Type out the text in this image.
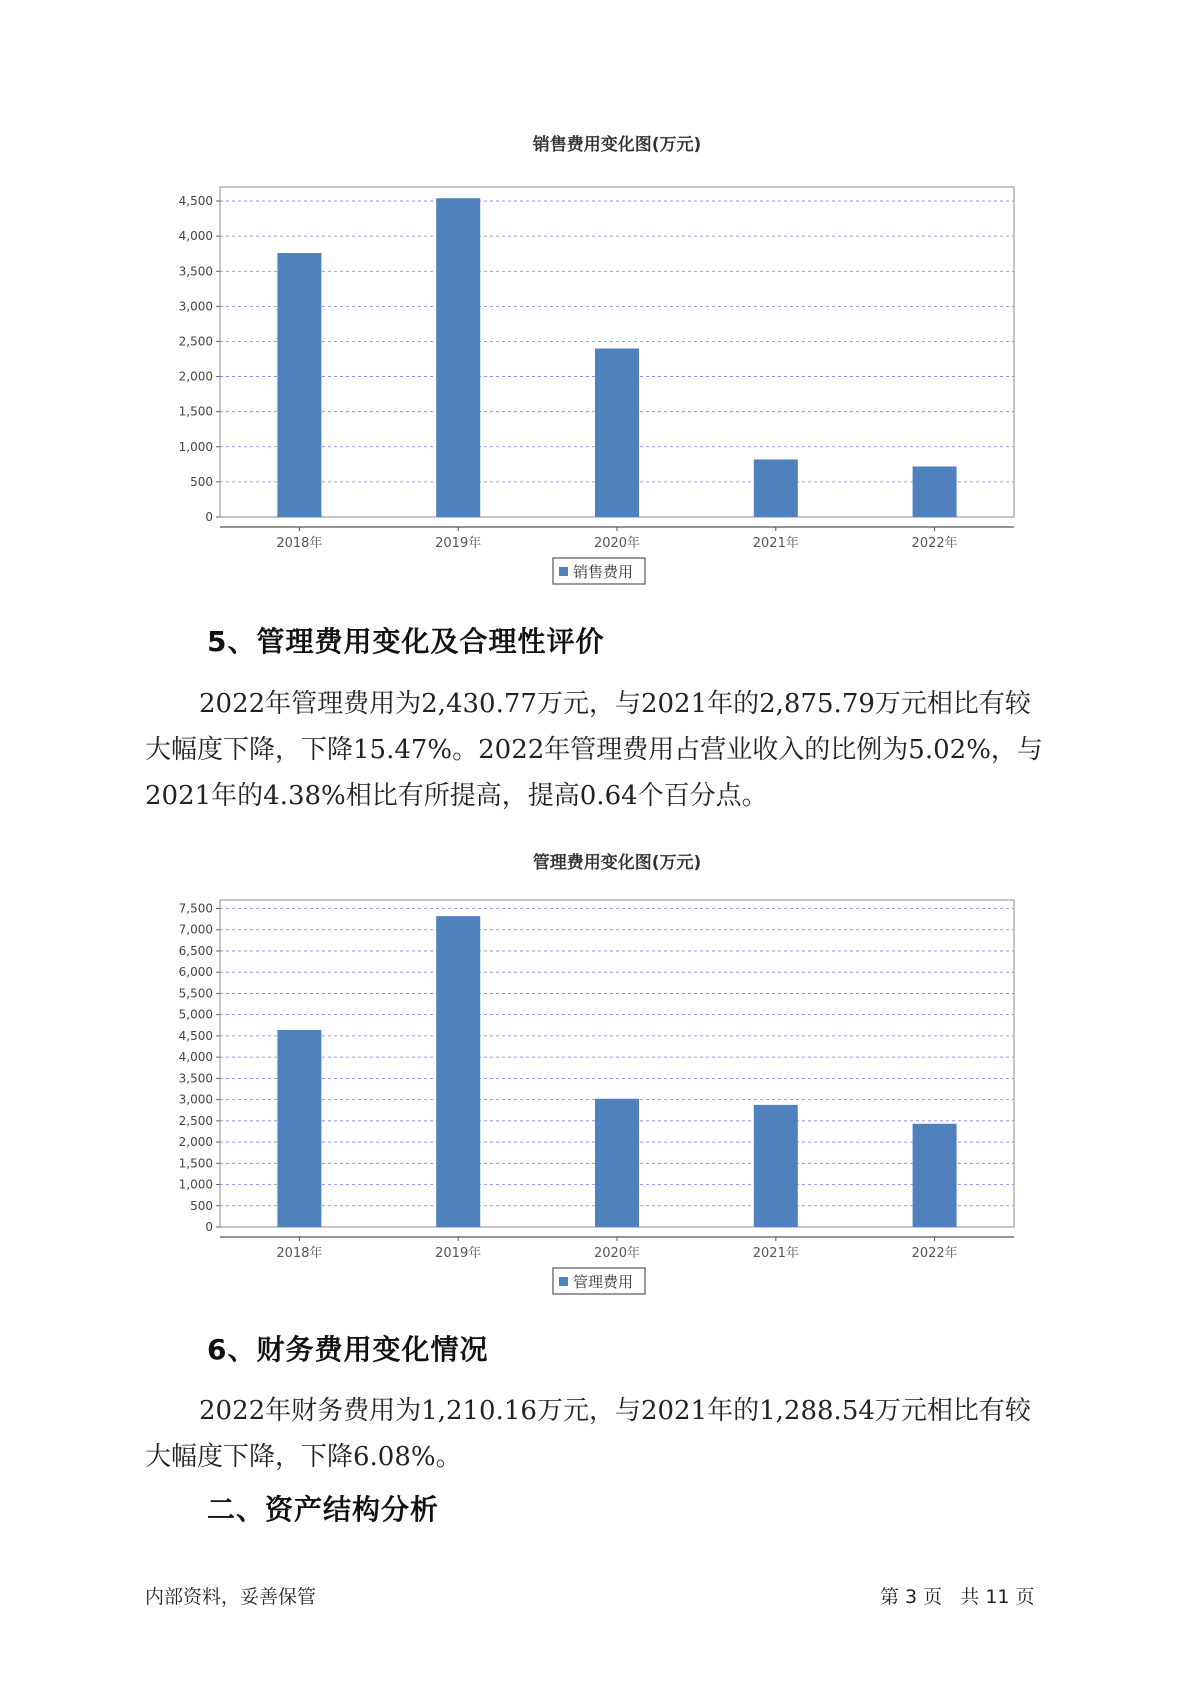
销售费用变化图(万元)
0
500
1,000
1,500
2,000
2,500
3,000
3,500
4,000
4,500
2018年	2019年	2020年	2021年	2022年
销售费用
5、管理费用变化及合理性评价
2022年管理费用为2,430.77万元，与2021年的2,875.79万元相比有较大幅度下降，下降15.47%。2022年管理费用占营业收入的比例为5.02%，与2021年的4.38%相比有所提高，提高0.64个百分点。
管理费用变化图(万元)
0
500
1,000
1,500
2,000
2,500
3,000
3,500
4,000
4,500
5,000
5,500
6,000
6,500
7,000
7,500
2018年	2019年	2020年	2021年	2022年
管理费用
6、财务费用变化情况
2022年财务费用为1,210.16万元，与2021年的1,288.54万元相比有较大幅度下降，下降6.08%。
二、资产结构分析
内部资料，妥善保管	第 3 页   共 11 页
